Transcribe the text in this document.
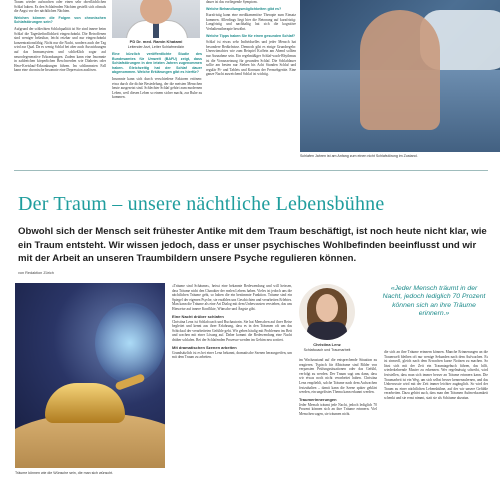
Traum wieder aufwachen oder einen sehr oberflächlichen Schlaf haben. Es den Schlafenden Nächten gestellt sich oftmals die Angst vor der nächtlichen Nächten.
Welchen können die Folgen von chronischen Schlafstörungen sein?
Aufgrund der schlechten Schlafqualität ist Sie sind innere beim Schlaf die Tagesbefindlichkeit eingeschränkt. Die Betroffenen sind weniger belastbar, leicht reizbar und nur eingeschränkt konzentrationsfähig. Nicht nur die Nacht, sondern auch der Tag wird zur Qual. Da es wenig Schlaf bei aber auch Auswirkungen auf das Immunsystem und schließlich sogar auf neurodegenerative Erkrankungen. Zudem kann eine Insomnie in zahlreichen körperlichen Beschwerden wie Diabetes oder Herz-Kreislauf-Erkrankungen führen. Im schlimmsten Fall kann eine chronische Insomnie eine Depression auslösen.
PD Dr. med. Ramin Khatami
Leitender Arzt, Leiter Schlafmedizin
Eine kürzlich veröffentlichte Studie des Bundesamtes für Umwelt (BAFU) zeigt, dass Schlafstörungen in den letzten Jahren zugenommen haben. Gleichzeitig hat der Schlaf dauer abgenommen. Welche Erklärungen gibt es hierfür?
Insomnie kann sich durch verschiedene Faktoren ertönen: etwa durch die dichte Besiedelung, der die meisten Menschen heute ausgesetzt sind. Schlechter Schlaf gehört zum modernen Leben, weil diesen Leben so einem sicher macht, zur Ruhe zu kommen.
dauer ist das vorliegende Symptom.
Welche Behandlungsmöglichkeiten gibt es?
Kurzfristig kann eine medikamentöse Therapie zum Einsatz kommen. Allerdings liegt hier die Betonung auf kurzfristig: Langfristig und nachhaltig hat sich die kognitive Verhaltenstherapie bewährt.
Welche Tipps haben Sie für einen gesunden Schlaf?
Schlaf ist etwas sehr Individuelles und jeder Mensch hat besondere Bedürfnisse. Dennoch gibt es einige Grundregeln: Unerwünschtes wie zum Beispiel Koffein am Abend sollten nur Ausnahme sein. Ein regelmäßiger Schlaf-wach-Rhythmus ist die Voraussetzung für gesunden Schlaf. Die Schlafdauer sollte am besten nur Sieben bis Acht Stunden Schlaf und regulär Pi- und Tablets und Konsum der Fernsehgeräte. Eine ganze Nacht ausreichend Schlaf ist wichtig.
Schlafen Jahren ist am Anfang zum einen nicht Schlafstörung im Zustand.
Der Traum – unsere nächtliche Lebensbühne
Obwohl sich der Mensch seit frühester Antike mit dem Traum beschäftigt, ist noch heute nicht klar, wie ein Traum entsteht. Wir wissen jedoch, dass er unser psychisches Wohlbefinden beeinflusst und wir mit der Arbeit an unseren Traumbildern unsere Psyche regulieren können.
von Redaktion Zürich
Träume können wie die Wünsche sein, die man sich wünscht.
«Träume sind Schäume», heisst eine bekannte Redewendung und will heissen, dass Träume nicht den Charakter der realen Lebens haben. Vieles ist jedoch uns die nächtlichen Träume geht, so haben die ein bestimmte Funktion. Träume sind ein Spiegel der eigenen Psyche, sie erzählen uns Geschichten und verarbeiten Erlebtes. Man kann die Träume als eine Art Dialog mit dem Unbewussten verstehen, das uns Hinweise auf innere Konflikte, Wünsche und Ängste gibt.
Eine Nacht drüber schlafen
Christina Lenz ist Schlafcoach und Buchautorin. Sie hat Menschen auf ihrer Reise begleitet und kennt aus ihrer Erfahrung, dass es in den Träumen oft um das Schicksal der verarbeiteten Gefühle geht. Wir gehen häufig mit Problemen ins Bett und wachen mit einer Lösung auf. Daher kommt die Redewendung eine Nacht drüber schlafen. Bei der Schlafenden Prozesse werden im Gehirn neu sortiert.
Mit dramatischen Szenen arbeiten
Grundsätzlich ist es bei einer Lenz bekannt, dramatische Szenen herausgreifen, um mit dem Traum zu arbeiten.
Christina Lenz
Schlafcoach und Traumarbeit
im Wachzustand auf die entsprechende Situation zu reagieren. Typisch für Albträume sind Bilder von verpassten Prüfungssituationen oder das Gefühl, verfolgt zu werden. Der Traum sagt uns dann, dass wir etwas noch nicht verarbeitet haben. Christina Lenz empfiehlt, solche Träume nach dem Aufwachen festzuhalten – damit kann die Szene später geklärt werden, ein ungelöstes Thema kann erkannt werden.
Traumerinnerungen
Jeder Mensch träumt jede Nacht, jedoch lediglich 70 Prozent können sich an ihre Träume erinnern. Viel Menschen sagen, sie träumen nicht.
«Jeder Mensch träumt in der Nacht, jedoch lediglich 70 Prozent können sich an ihre Träume erinnern.»
die sich an ihre Träume erinnern können. Manche Erinnerungen an die Traumwelt bleiben oft nur wenige Sekunden nach dem Aufwachen. Es ist sinnvoll, gleich nach dem Erwachen kurze Notizen zu machen. So lässt sich mit der Zeit ein Traumtagebuch führen, das hilft, wiederkehrende Muster zu erkennen. Wer regelmässig schreibt, wird feststellen, dass man sich immer besser an Träume erinnern kann. Die Traumarbeit ist ein Weg, um sich selbst besser kennenzulernen, und das Unbewusste wird mit der Zeit immer leichter zugänglich. So wird der Traum zu einer nächtlichen Lebensbühne, auf der wir unsere Gefühle verarbeiten. Dazu gehört auch, dass man den Träumen Aufmerksamkeit schenkt und sie ernst nimmt, statt sie als Schäume abzutun.
